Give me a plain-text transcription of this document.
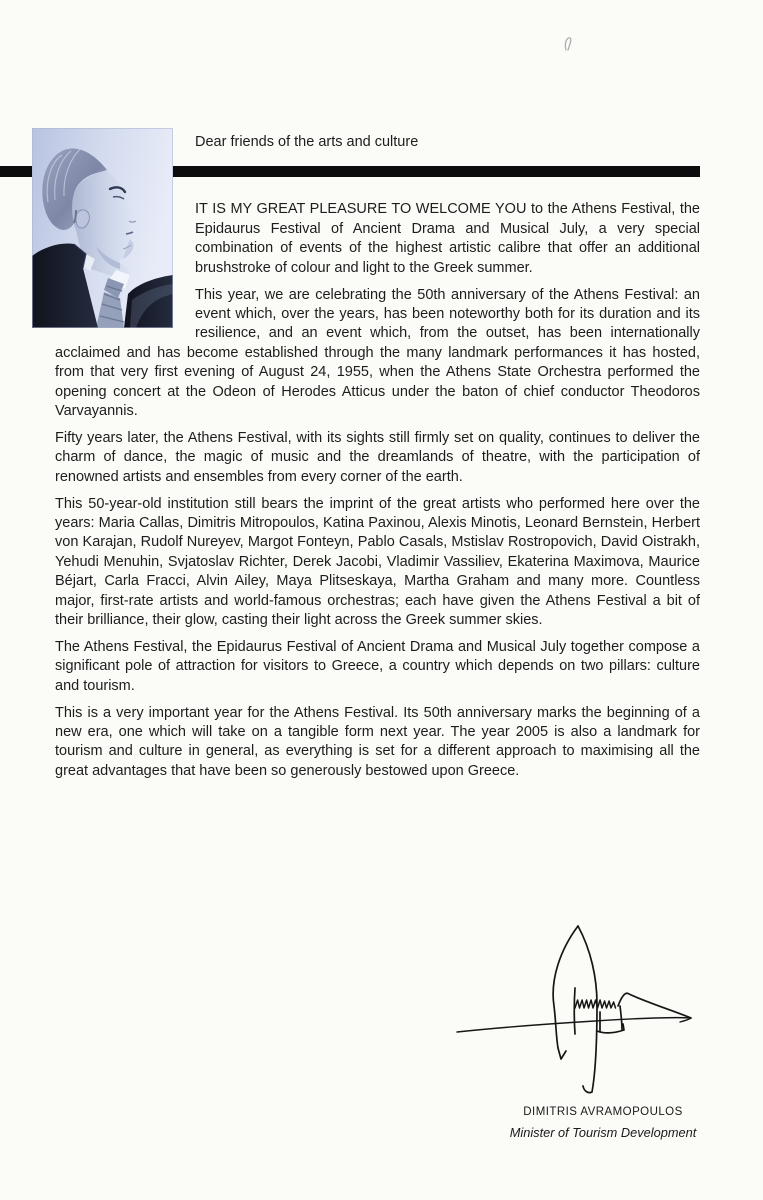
Dear friends of the arts and culture

IT IS MY GREAT PLEASURE TO WELCOME YOU to the Athens Festival, the Epidaurus Festival of Ancient Drama and Musical July, a very special combination of events of the highest artistic calibre that offer an additional brushstroke of colour and light to the Greek summer.

This year, we are celebrating the 50th anniversary of the Athens Festival: an event which, over the years, has been noteworthy both for its duration and its resilience, and an event which, from the outset, has been internationally acclaimed and has become established through the many landmark performances it has hosted, from that very first evening of August 24, 1955, when the Athens State Orchestra performed the opening concert at the Odeon of Herodes Atticus under the baton of chief conductor Theodoros Varvayannis.

Fifty years later, the Athens Festival, with its sights still firmly set on quality, continues to deliver the charm of dance, the magic of music and the dreamlands of theatre, with the participation of renowned artists and ensembles from every corner of the earth.

This 50-year-old institution still bears the imprint of the great artists who performed here over the years: Maria Callas, Dimitris Mitropoulos, Katina Paxinou, Alexis Minotis, Leonard Bernstein, Herbert von Karajan, Rudolf Nureyev, Margot Fonteyn, Pablo Casals, Mstislav Rostropovich, David Oistrakh, Yehudi Menuhin, Svjatoslav Richter, Derek Jacobi, Vladimir Vassiliev, Ekaterina Maximova, Maurice Béjart, Carla Fracci, Alvin Ailey, Maya Plitseskaya, Martha Graham and many more. Countless major, first-rate artists and world-famous orchestras; each have given the Athens Festival a bit of their brilliance, their glow, casting their light across the Greek summer skies.

The Athens Festival, the Epidaurus Festival of Ancient Drama and Musical July together compose a significant pole of attraction for visitors to Greece, a country which depends on two pillars: culture and tourism.

This is a very important year for the Athens Festival. Its 50th anniversary marks the beginning of a new era, one which will take on a tangible form next year. The year 2005 is also a landmark for tourism and culture in general, as everything is set for a different approach to maximising all the great advantages that have been so generously bestowed upon Greece.

DIMITRIS AVRAMOPOULOS
Minister of Tourism Development
